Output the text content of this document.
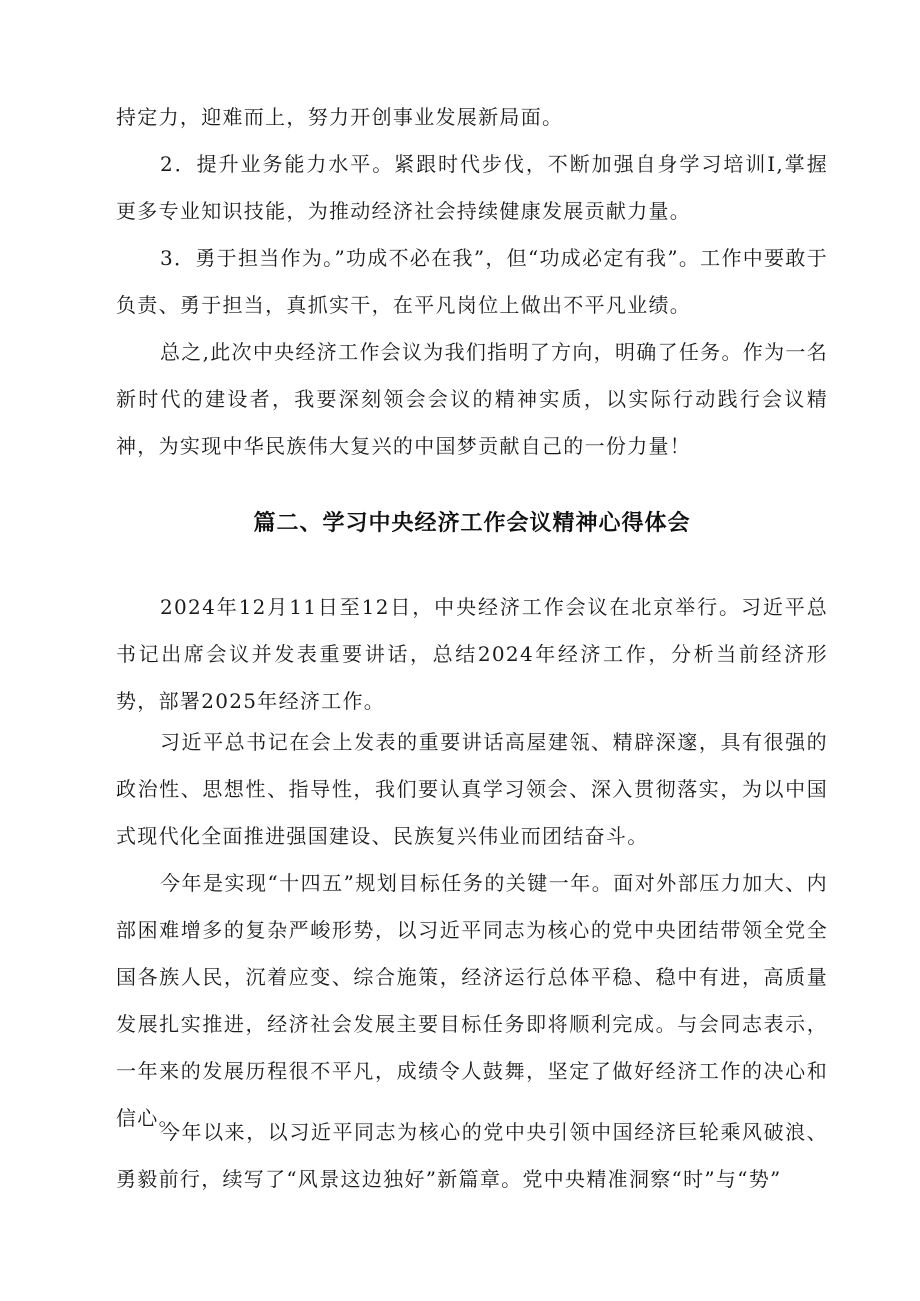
持定力，迎难而上，努力开创事业发展新局面。

2．提升业务能力水平。紧跟时代步伐，不断加强自身学习培训I,掌握更多专业知识技能，为推动经济社会持续健康发展贡献力量。

3．勇于担当作为。”功成不必在我”，但“功成必定有我”。工作中要敢于负责、勇于担当，真抓实干，在平凡岗位上做出不平凡业绩。

总之,此次中央经济工作会议为我们指明了方向，明确了任务。作为一名新时代的建设者，我要深刻领会会议的精神实质，以实际行动践行会议精神，为实现中华民族伟大复兴的中国梦贡献自己的一份力量！

篇二、学习中央经济工作会议精神心得体会

2024年12月11日至12日，中央经济工作会议在北京举行。习近平总书记出席会议并发表重要讲话，总结2024年经济工作，分析当前经济形势，部署2025年经济工作。

习近平总书记在会上发表的重要讲话高屋建瓴、精辟深邃，具有很强的政治性、思想性、指导性，我们要认真学习领会、深入贯彻落实，为以中国式现代化全面推进强国建设、民族复兴伟业而团结奋斗。

今年是实现“十四五”规划目标任务的关键一年。面对外部压力加大、内部困难增多的复杂严峻形势，以习近平同志为核心的党中央团结带领全党全国各族人民，沉着应变、综合施策，经济运行总体平稳、稳中有进，高质量发展扎实推进，经济社会发展主要目标任务即将顺利完成。与会同志表示，一年来的发展历程很不平凡，成绩令人鼓舞，坚定了做好经济工作的决心和信心。

今年以来，以习近平同志为核心的党中央引领中国经济巨轮乘风破浪、勇毅前行，续写了“风景这边独好”新篇章。党中央精准洞察“时”与“势”
